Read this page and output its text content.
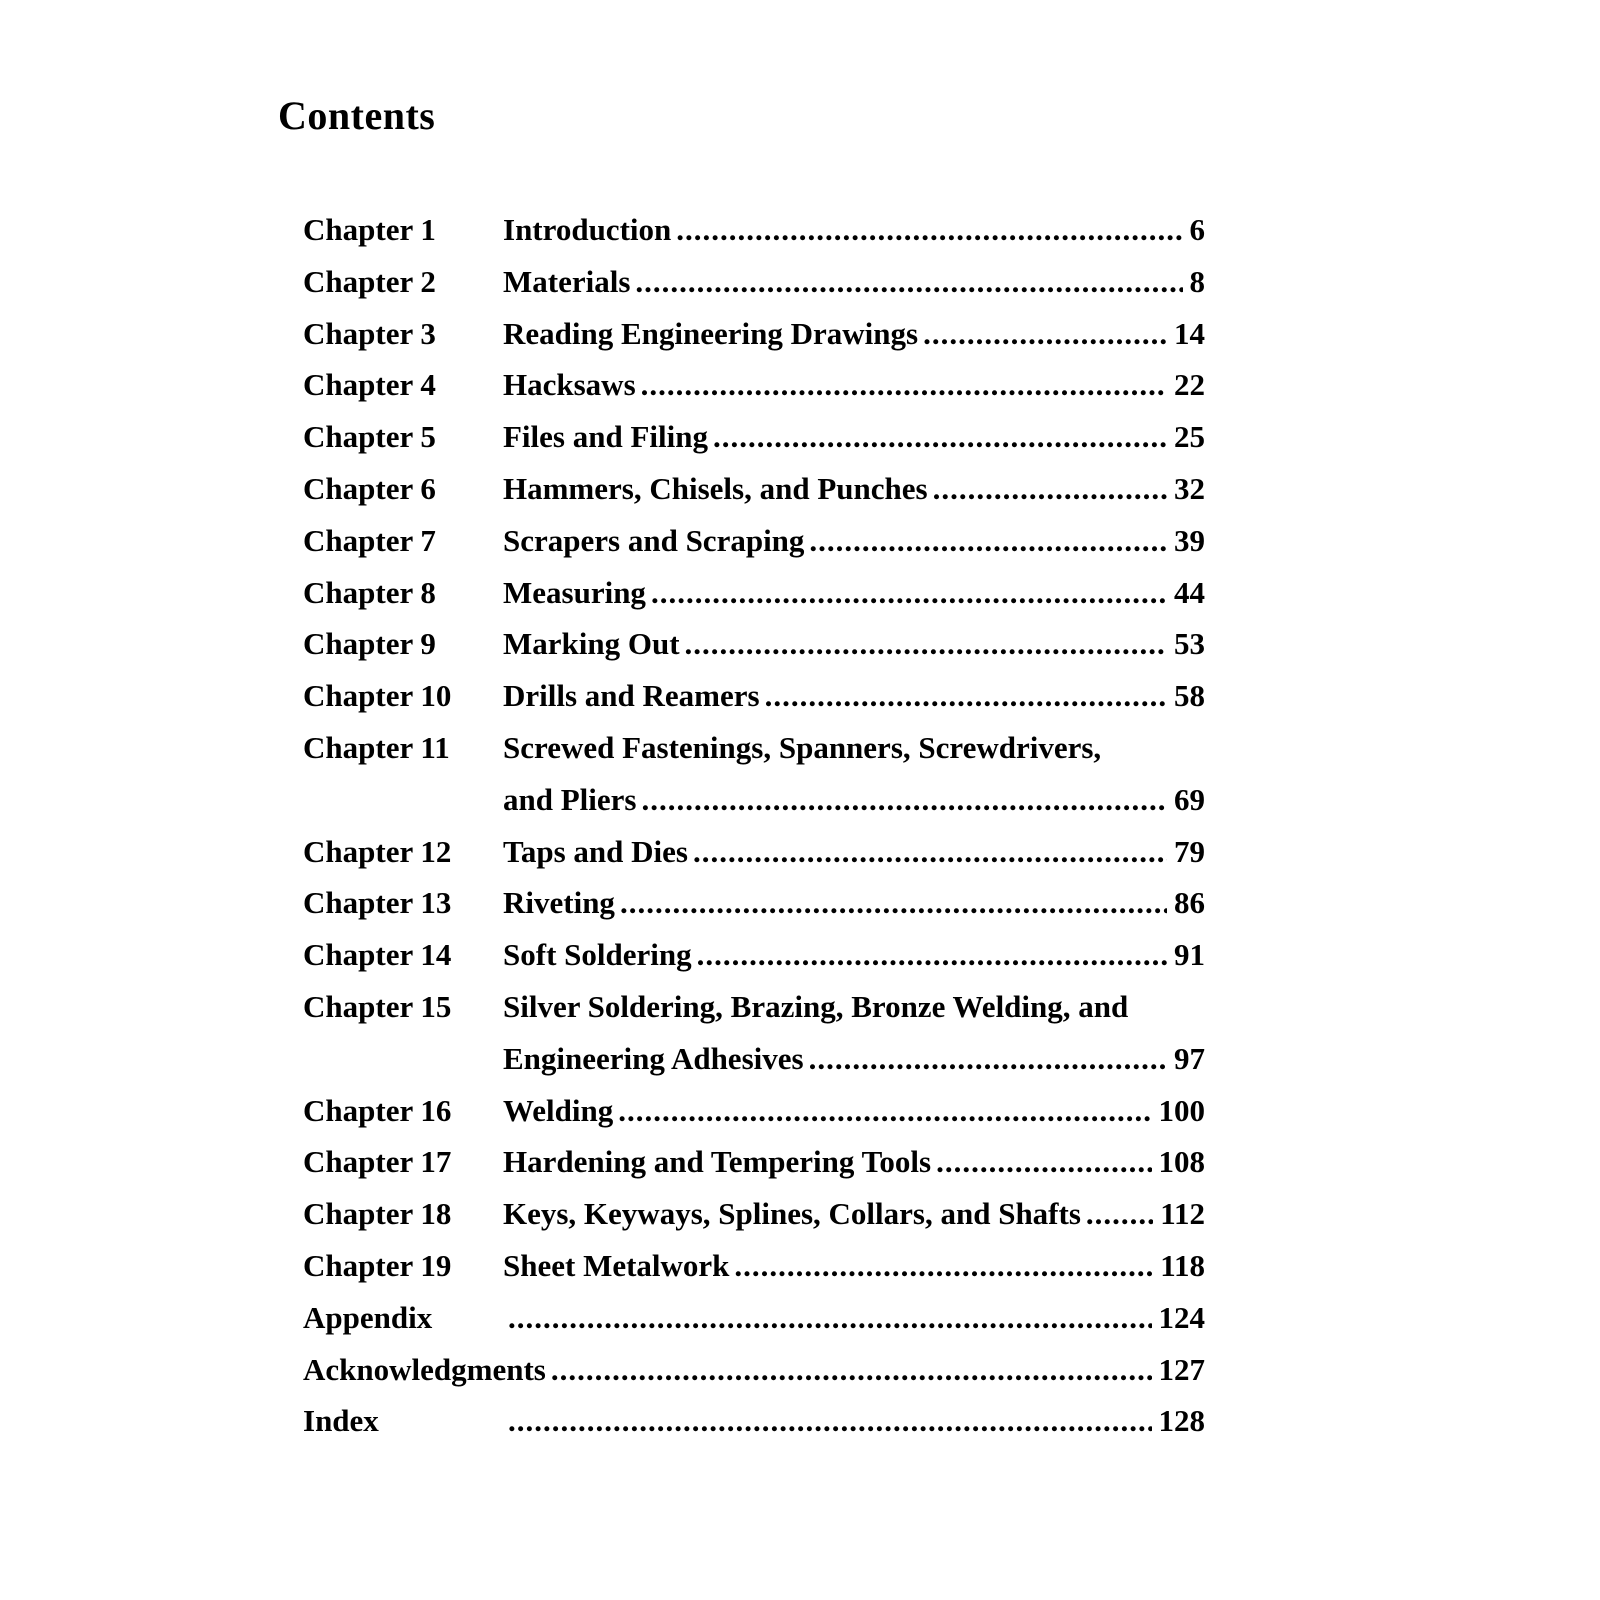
Contents
Chapter 1	Introduction .....	6
Chapter 2	Materials .....	8
Chapter 3	Reading Engineering Drawings .....	14
Chapter 4	Hacksaws .....	22
Chapter 5	Files and Filing .....	25
Chapter 6	Hammers, Chisels, and Punches .....	32
Chapter 7	Scrapers and Scraping .....	39
Chapter 8	Measuring .....	44
Chapter 9	Marking Out .....	53
Chapter 10	Drills and Reamers .....	58
Chapter 11	Screwed Fastenings, Spanners, Screwdrivers,
and Pliers .....	69
Chapter 12	Taps and Dies .....	79
Chapter 13	Riveting .....	86
Chapter 14	Soft Soldering .....	91
Chapter 15	Silver Soldering, Brazing, Bronze Welding, and
Engineering Adhesives .....	97
Chapter 16	Welding .....	100
Chapter 17	Hardening and Tempering Tools .....	108
Chapter 18	Keys, Keyways, Splines, Collars, and Shafts .....	112
Chapter 19	Sheet Metalwork .....	118
Appendix .....	124
Acknowledgments .....	127
Index .....	128
